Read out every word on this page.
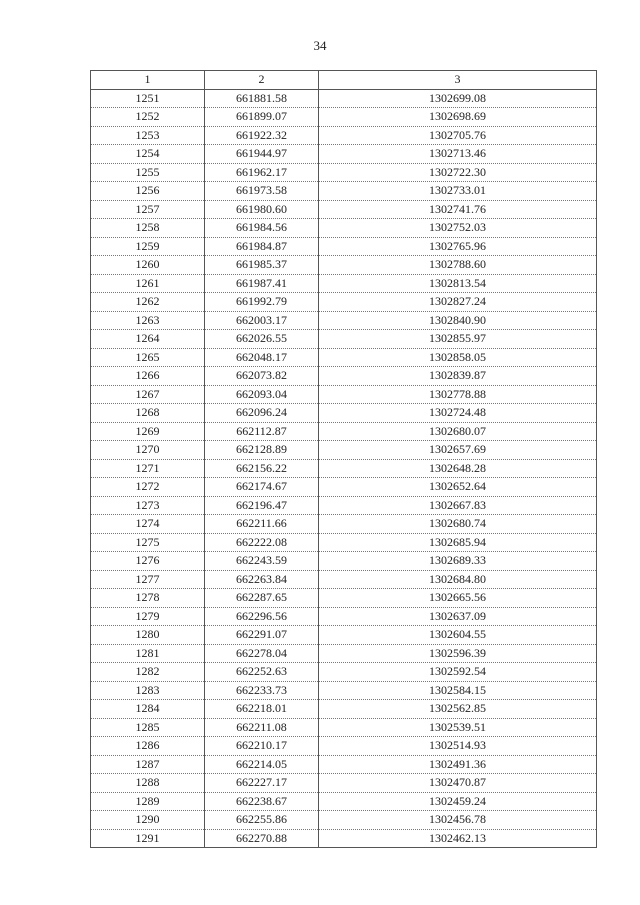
34
1	2	3
1251	661881.58	1302699.08
1252	661899.07	1302698.69
1253	661922.32	1302705.76
1254	661944.97	1302713.46
1255	661962.17	1302722.30
1256	661973.58	1302733.01
1257	661980.60	1302741.76
1258	661984.56	1302752.03
1259	661984.87	1302765.96
1260	661985.37	1302788.60
1261	661987.41	1302813.54
1262	661992.79	1302827.24
1263	662003.17	1302840.90
1264	662026.55	1302855.97
1265	662048.17	1302858.05
1266	662073.82	1302839.87
1267	662093.04	1302778.88
1268	662096.24	1302724.48
1269	662112.87	1302680.07
1270	662128.89	1302657.69
1271	662156.22	1302648.28
1272	662174.67	1302652.64
1273	662196.47	1302667.83
1274	662211.66	1302680.74
1275	662222.08	1302685.94
1276	662243.59	1302689.33
1277	662263.84	1302684.80
1278	662287.65	1302665.56
1279	662296.56	1302637.09
1280	662291.07	1302604.55
1281	662278.04	1302596.39
1282	662252.63	1302592.54
1283	662233.73	1302584.15
1284	662218.01	1302562.85
1285	662211.08	1302539.51
1286	662210.17	1302514.93
1287	662214.05	1302491.36
1288	662227.17	1302470.87
1289	662238.67	1302459.24
1290	662255.86	1302456.78
1291	662270.88	1302462.13
